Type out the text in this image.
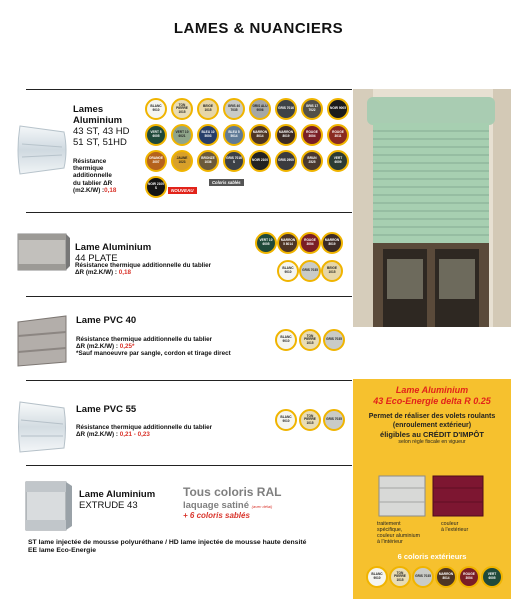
LAMES & NUANCIERS
Lames
Aluminium
43 ST, 43 HD
51 ST, 51HD
Résistance
thermique
additionnelle
du tablier ΔR
(m2.K/W) :0,18	NOUVEAU
Coloris sablés
Lame Aluminium
44 PLATE
Résistance thermique additionnelle du tablier
ΔR (m2.K/W) : 0,18
Lame PVC 40
Résistance thermique additionnelle du tablier
ΔR (m2.K/W) : 0,25*
*Sauf manoeuvre par sangle, cordon et tirage direct
Lame PVC 55
Résistance thermique additionnelle du tablier
ΔR (m2.K/W) : 0,21 - 0,23
Lame Aluminium
EXTRUDE 43
Tous coloris RAL
laquage satiné (avec délai)
+ 6 coloris sablés
ST lame injectée de mousse polyuréthane / HD lame injectée de mousse haute densité
EE lame Eco-Energie
Lame Aluminium
43 Eco-Energie delta R 0.25
Permet de réaliser des volets roulants
(enroulement extérieur)
éligibles au CRÉDIT D'IMPÔT
selon règle fiscale en vigueur
traitement
spécifique,
couleur aluminium
à l'intérieur
couleur
à l'extérieur
6 coloris extérieurs
BLANC 9010
TON PIERRE 1015
GRIS 7035 MARRON 8014
ROUGE 3004
VERT 6005
BLANC 9010
TON PIERRE 1015
BEIGE 1015
GRIS 40 7035
GRIS ALU 9006	GRIS 7016	GRIS 17 7022	NOIR 9005
VERT 5 6005
VERT 10 6021
BLEU 10 5003
BLEU 5 5014
MARRON 8014
MARRON 8019
ROUGE 3004
ROUGE 3011
ORANGE 2007
JAUNE 1023
BRONZE 1036
GRIS 7016 S	NOIR 2100	GRIS 2900	BRUN 2525
VERT 6009
NOIR 2100 S
VERT 10 6005
MARRON 5 8014
ROUGE 3004
MARRON 8019
BLANC 9010	GRIS 7035	BEIGE 1015
BLANC 9010
TON PIERRE 1015
GRIS 7035
BLANC 9010
TON PIERRE 1015
GRIS 7035
